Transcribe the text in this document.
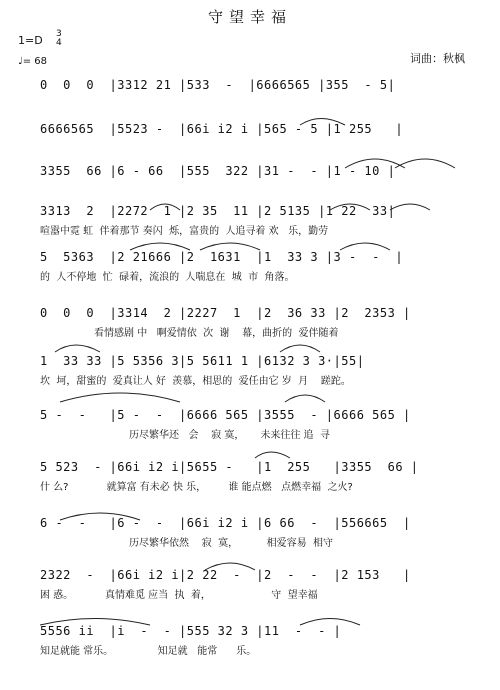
守望幸福
1=D 3
4
♩= 68	词曲：秋枫
0  0  0  |3312 21 |533  -  |6666565 |355  - 5|
6666565  |5523 -  |66i i2 i |565 - 5 |1 255   |
3355  66 |6 - 66  |555  322 |31 -  - |1 - 10 |
3313  2  |2272  1 |2 35  11 |2 5135 |1 22  33|
喧嚣中霓 虹  伴着那节 奏闪  烁，富贵的  人追寻着 欢   乐，勤劳
5  5363  |2 21666 |2  1631  |1  33 3 |3 -  -  |
的  人不停地  忙  碌着，流浪的  人喘息在  城  市  角落。
0  0  0  |3314  2 |2227  1  |2  36 33 |2  2353 |
看情感剧 中   啊爱情依  次  谢    幕，曲折的  爱伴随着
1  33 33 |5 5356 3|5 5611 1 |6132 3 3·|55|
坎  坷，甜蜜的  爱真让人 好  羡慕，相思的  爱任由它 岁  月    蹉跎。
5 -  -   |5 -  -  |6666 565 |3555  - |6666 565 |
历尽繁华还   会    寂 寞，     未来往往 追  寻
5 523  - |66i i2 i|5655 -   |1  255   |3355  66 |
什 么?            就算富 有未必 快 乐，       谁 能点燃   点燃幸福  之火?
6 -  -   |6 -  -  |66i i2 i |6 66  -  |556665  |
历尽繁华依然    寂  寞，         相爱容易  相守
2322  -  |66i i2 i|2 22  -  |2  -  -  |2 153   |
困 惑。          真情难觅 应当  执  着，                   守  望幸福
5556 ii  |i  -  - |555 32 3 |11  -  - |
知足就能 常乐。              知足就   能常      乐。
